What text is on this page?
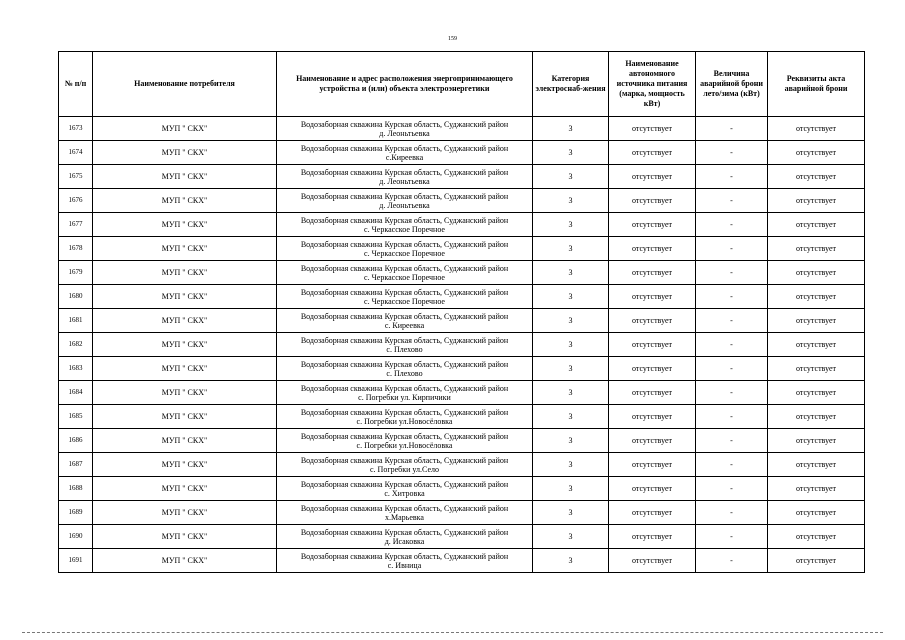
159
№ п/п	Наименование потребителя	Наименование и адрес расположения энергопринимающего устройства и (или) объекта электроэнергетики	Категория электроснаб-жения	Наименование автономного источника питания (марка, мощность кВт)	Величина аварийной брони лето/зима (кВт)	Реквизиты акта аварийной брони
1673	МУП " СКХ"	Водозаборная скважина Курская область, Суджанский район
д. Леоньтьевка	3	отсутствует	-	отсутствует
1674	МУП " СКХ"	Водозаборная скважина Курская область, Суджанский район
с.Киреевка	3	отсутствует	-	отсутствует
1675	МУП " СКХ"	Водозаборная скважина Курская область, Суджанский район
д. Леоньтьевка	3	отсутствует	-	отсутствует
1676	МУП " СКХ"	Водозаборная скважина Курская область, Суджанский район
д. Леоньтьевка	3	отсутствует	-	отсутствует
1677	МУП " СКХ"	Водозаборная скважина Курская область, Суджанский район
с. Черкасское Поречное	3	отсутствует	-	отсутствует
1678	МУП " СКХ"	Водозаборная скважина Курская область, Суджанский район
с. Черкасское Поречное	3	отсутствует	-	отсутствует
1679	МУП " СКХ"	Водозаборная скважина Курская область, Суджанский район
с. Черкасское Поречное	3	отсутствует	-	отсутствует
1680	МУП " СКХ"	Водозаборная скважина Курская область, Суджанский район
с. Черкасское Поречное	3	отсутствует	-	отсутствует
1681	МУП " СКХ"	Водозаборная скважина Курская область, Суджанский район
с. Киреевка	3	отсутствует	-	отсутствует
1682	МУП " СКХ"	Водозаборная скважина Курская область, Суджанский район
с. Плехово	3	отсутствует	-	отсутствует
1683	МУП " СКХ"	Водозаборная скважина Курская область, Суджанский район
с. Плехово	3	отсутствует	-	отсутствует
1684	МУП " СКХ"	Водозаборная скважина Курская область, Суджанский район
с. Погребки ул. Кирпичики	3	отсутствует	-	отсутствует
1685	МУП " СКХ"	Водозаборная скважина Курская область, Суджанский район
с. Погребки ул.Новосёловка	3	отсутствует	-	отсутствует
1686	МУП " СКХ"	Водозаборная скважина Курская область, Суджанский район
с. Погребки ул.Новосёловка	3	отсутствует	-	отсутствует
1687	МУП " СКХ"	Водозаборная скважина Курская область, Суджанский район
с. Погребки ул.Село	3	отсутствует	-	отсутствует
1688	МУП " СКХ"	Водозаборная скважина Курская область, Суджанский район
с. Хитровка	3	отсутствует	-	отсутствует
1689	МУП " СКХ"	Водозаборная скважина Курская область, Суджанский район
х.Марьевка	3	отсутствует	-	отсутствует
1690	МУП " СКХ"	Водозаборная скважина Курская область, Суджанский район
д. Исаковка	3	отсутствует	-	отсутствует
1691	МУП " СКХ"	Водозаборная скважина Курская область, Суджанский район
с. Ивница	3	отсутствует	-	отсутствует
